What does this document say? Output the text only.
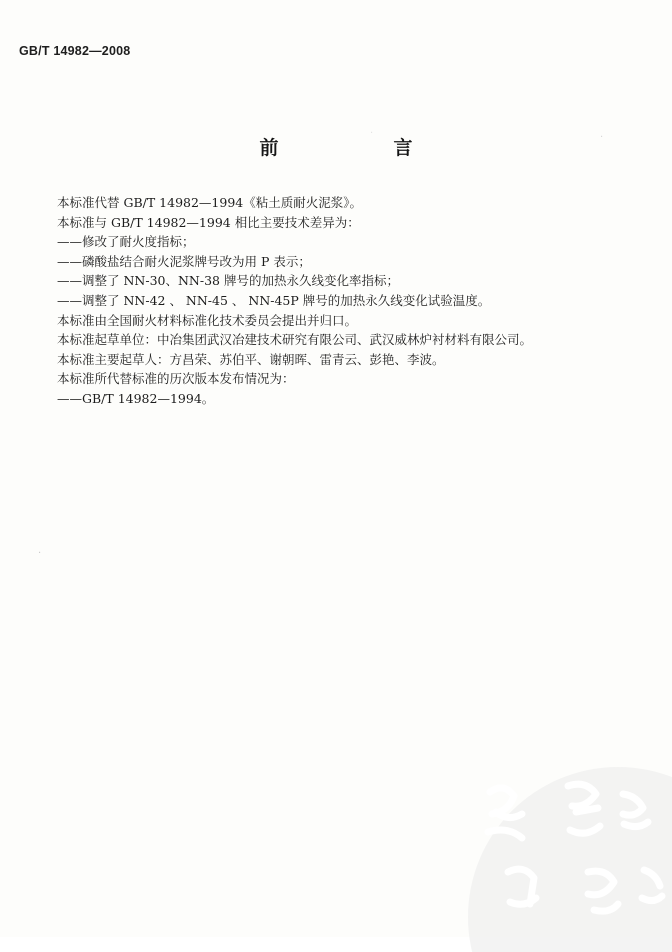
GB/T 14982—2008
前　言
本标准代替 GB/T 14982—1994《粘土质耐火泥浆》。
本标准与 GB/T 14982—1994 相比主要技术差异为：
——修改了耐火度指标；
——磷酸盐结合耐火泥浆牌号改为用 P 表示；
——调整了 NN-30、NN-38 牌号的加热永久线变化率指标；
——调整了 NN-42 、 NN-45 、 NN-45P 牌号的加热永久线变化试验温度。
本标准由全国耐火材料标准化技术委员会提出并归口。
本标准起草单位：中冶集团武汉冶建技术研究有限公司、武汉威林炉衬材料有限公司。
本标准主要起草人：方昌荣、苏伯平、谢朝晖、雷青云、彭艳、李波。
本标准所代替标准的历次版本发布情况为：
——GB/T 14982—1994。
·	·
·
